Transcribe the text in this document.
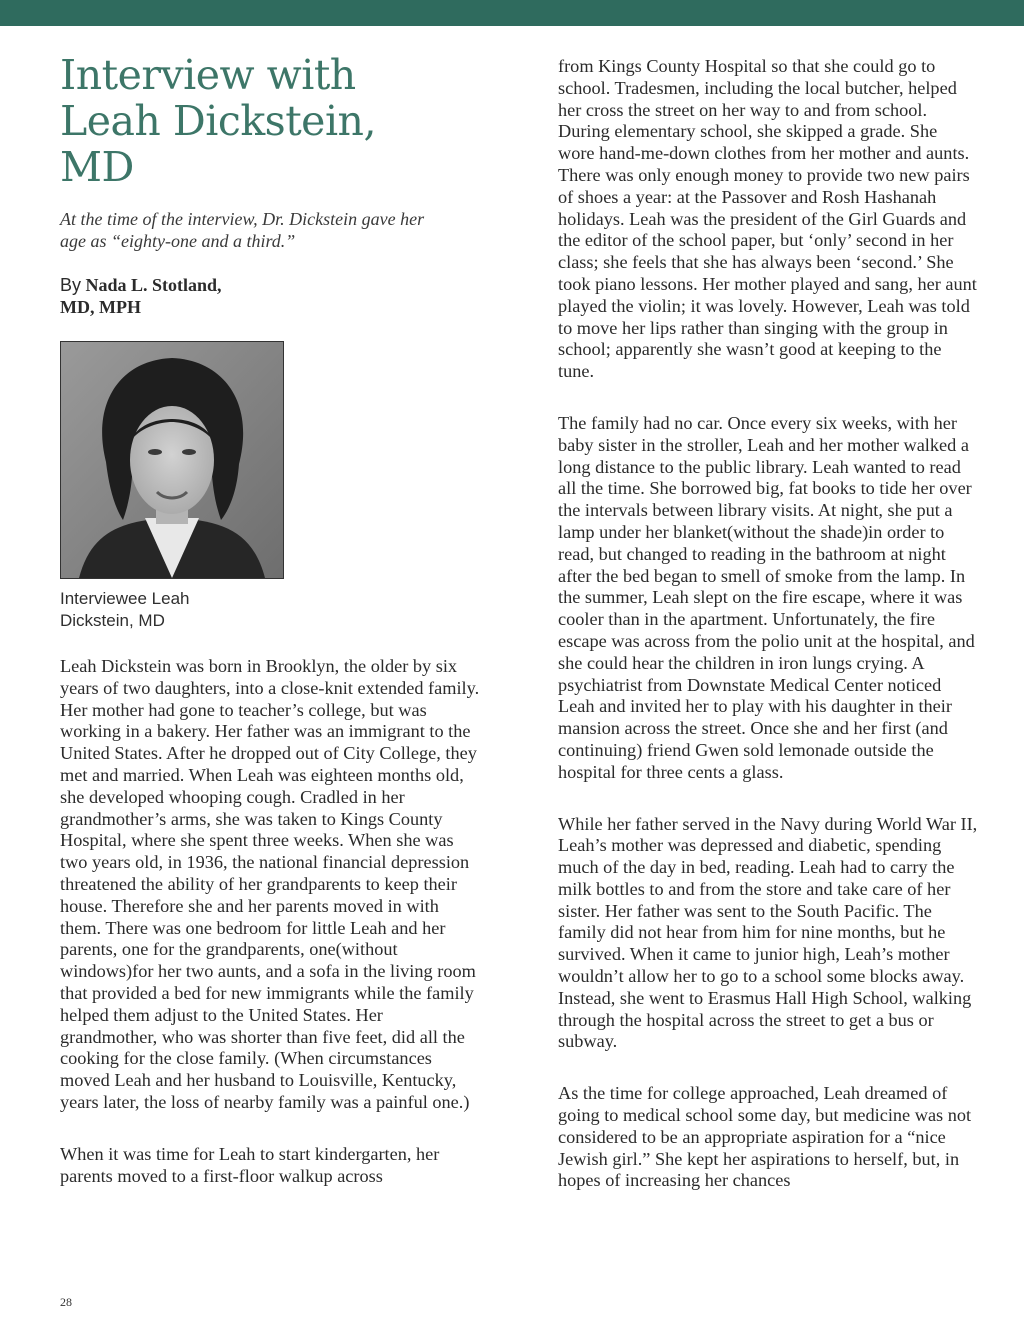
Interview with
Leah Dickstein,
MD

At the time of the interview, Dr. Dickstein gave her
age as “eighty-one and a third.”

By Nada L. Stotland,
MD, MPH

Interviewee Leah
Dickstein, MD

Leah Dickstein was born in Brooklyn, the older by six years of two daughters, into a close-knit extended family. Her mother had gone to teacher’s college, but was working in a bakery. Her father was an immigrant to the United States. After he dropped out of City College, they met and married. When Leah was eighteen months old, she developed whooping cough. Cradled in her grandmother’s arms, she was taken to Kings County Hospital, where she spent three weeks. When she was two years old, in 1936, the national financial depression threatened the ability of her grandparents to keep their house. Therefore she and her parents moved in with them. There was one bedroom for little Leah and her parents, one for the grandparents, one(without windows)for her two aunts, and a sofa in the living room that provided a bed for new immigrants while the family helped them adjust to the United States. Her grandmother, who was shorter than five feet, did all the cooking for the close family. (When circumstances moved Leah and her husband to Louisville, Kentucky, years later, the loss of nearby family was a painful one.)

When it was time for Leah to start kindergarten, her parents moved to a first-floor walkup across

from Kings County Hospital so that she could go to school. Tradesmen, including the local butcher, helped her cross the street on her way to and from school. During elementary school, she skipped a grade. She wore hand-me-down clothes from her mother and aunts. There was only enough money to provide two new pairs of shoes a year: at the Passover and Rosh Hashanah holidays. Leah was the president of the Girl Guards and the editor of the school paper, but ‘only’ second in her class; she feels that she has always been ‘second.’ She took piano lessons. Her mother played and sang, her aunt played the violin; it was lovely. However, Leah was told to move her lips rather than singing with the group in school; apparently she wasn’t good at keeping to the tune.

The family had no car. Once every six weeks, with her baby sister in the stroller, Leah and her mother walked a long distance to the public library. Leah wanted to read all the time. She borrowed big, fat books to tide her over the intervals between library visits. At night, she put a lamp under her blanket(without the shade)in order to read, but changed to reading in the bathroom at night after the bed began to smell of smoke from the lamp. In the summer, Leah slept on the fire escape, where it was cooler than in the apartment. Unfortunately, the fire escape was across from the polio unit at the hospital, and she could hear the children in iron lungs crying. A psychiatrist from Downstate Medical Center noticed Leah and invited her to play with his daughter in their mansion across the street. Once she and her first (and continuing) friend Gwen sold lemonade outside the hospital for three cents a glass.

While her father served in the Navy during World War II, Leah’s mother was depressed and diabetic, spending much of the day in bed, reading. Leah had to carry the milk bottles to and from the store and take care of her sister. Her father was sent to the South Pacific. The family did not hear from him for nine months, but he survived. When it came to junior high, Leah’s mother wouldn’t allow her to go to a school some blocks away. Instead, she went to Erasmus Hall High School, walking through the hospital across the street to get a bus or subway.

As the time for college approached, Leah dreamed of going to medical school some day, but medicine was not considered to be an appropriate aspiration for a “nice Jewish girl.” She kept her aspirations to herself, but, in hopes of increasing her chances

28
